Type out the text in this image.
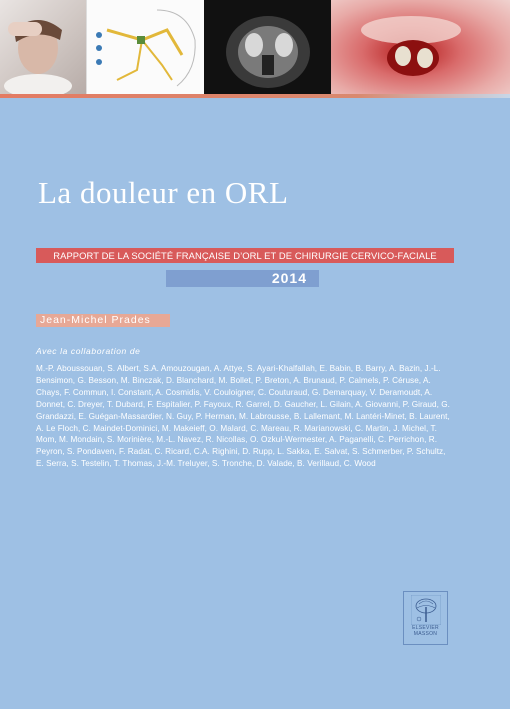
La douleur en ORL
RAPPORT DE LA SOCIÉTÉ FRANÇAISE D’ORL ET DE CHIRURGIE CERVICO-FACIALE
2014
Jean-Michel Prades
Avec la collaboration de
M.-P. Aboussouan, S. Albert, S.A. Amouzougan, A. Attye, S. Ayari-Khalfallah, E. Babin, B. Barry, A. Bazin, J.-L. Bensimon, G. Besson, M. Binczak, D. Blanchard, M. Bollet, P. Breton, A. Brunaud, P. Calmels, P. Céruse, A. Chays, F. Commun, I. Constant, A. Cosmidis, V. Couloigner, C. Couturaud, G. Demarquay, V. Deramoudt, A. Donnet, C. Dreyer, T. Dubard, F. Espitalier, P. Fayoux, R. Garrel, D. Gaucher, L. Gilain, A. Giovanni, P. Giraud, G. Grandazzi, E. Guégan-Massardier, N. Guy, P. Herman, M. Labrousse, B. Lallemant, M. Lantéri-Minet, B. Laurent, A. Le Floch, C. Maindet-Dominici, M. Makeieff, O. Malard, C. Mareau, R. Marianowski, C. Martin, J. Michel, T. Mom, M. Mondain, S. Morinière, M.-L. Navez, R. Nicollas, O. Ozkul-Wermester, A. Paganelli, C. Perrichon, R. Peyron, S. Pondaven, F. Radat, C. Ricard, C.A. Righini, D. Rupp, L. Sakka, E. Salvat, S. Schmerber, P. Schultz, E. Serra, S. Testelin, T. Thomas, J.-M. Treluyer, S. Tronche, D. Valade, B. Verillaud, C. Wood
ELSEVIER
MASSON
